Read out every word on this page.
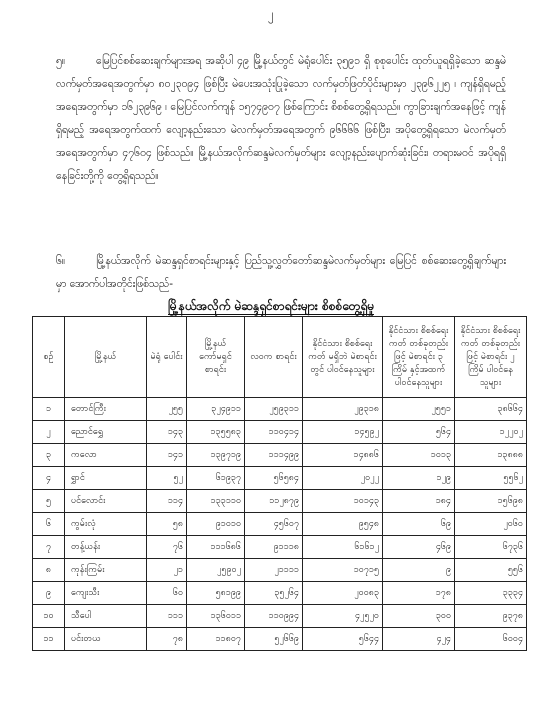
၂
၅။	မြေပြင်စစ်ဆေးချက်များအရ အဆိုပါ ၄၉ မြို့နယ်တွင် မဲရုံပေါင်း ၃၅၉၁ ရှိ စုစုပေါင်း ထုတ်ယူရရှိခဲ့သော ဆန္ဒမဲလက်မှတ်အရေအတွက်မှာ ၈၀၂၃၀၉၄ ဖြစ်ပြီး မဲပေးအသုံးပြုခဲ့သော လက်မှတ်ဖြတ်ပိုင်းများမှာ ၂၃၉၆၂၂၅ ၊ ကျန်ရှိရမည့်အရေအတွက်မှာ ၁၆၂၃၉၆၉ ၊ မြေပြင်လက်ကျန် ၁၅၇၄၉၀၇ ဖြစ်ကြောင်း စိစစ်တွေ့ရှိရသည်။ ကွာခြားချက်အနေဖြင့် ကျန်ရှိရမည့် အရေအတွက်ထက် လျော့နည်းသော မဲလက်မှတ်အရေအတွက် ၉၆၆၆၆ ဖြစ်ပြီး၊ အပိုတွေ့ရှိရသော မဲလက်မှတ်အရေအတွက်မှာ ၄၇၆၀၄ ဖြစ်သည်။ မြို့နယ်အလိုက်ဆန္ဒမဲလက်မှတ်များ လျော့နည်းပျောက်ဆုံးခြင်း၊ တရားမဝင် အပိုရရှိနေခြင်းတို့ကို တွေ့ရှိရသည်။
၆။	မြို့နယ်အလိုက် မဲဆန္ဒရှင်စာရင်းများနှင့် ပြည်သူ့လွှတ်တော်ဆန္ဒမဲလက်မှတ်များ မြေပြင် စစ်ဆေးတွေ့ရှိချက်များမှာ အောက်ပါအတိုင်းဖြစ်သည်-
မြို့နယ်အလိုက် မဲဆန္ဒရှင်စာရင်းများ စိစစ်တွေ့ရှိမှု
စဉ်	မြို့နယ်	မဲရုံ ပေါင်း	မြို့နယ် ကော်မရှင် စာရင်း	လဝက စာရင်း	နိုင်ငံသား စိစစ်ရေးကတ် မရှိဘဲ မဲစာရင်းတွင် ပါဝင်နေသူများ	နိုင်ငံသား စိစစ်ရေးကတ် တစ်ခုတည်းဖြင့် မဲစာရင်း ၃ ကြိမ် နှင့်အထက် ပါဝင်နေသူများ	နိုင်ငံသား စိစစ်ရေးကတ် တစ်ခုတည်းဖြင့် မဲစာရင်း ၂ ကြိမ် ပါဝင်နေသူများ
၁	တောင်ကြီး	၂၅၅	၃၂၄၉၁၁	၂၅၉၃၁၁	၂၉၃၁၈	၂၅၅၁	၃၈၆၆၄
၂	ညောင်ရွှေ	၁၄၃	၁၃၅၅၈၃	၁၁၀၄၁၄	၁၄၅၉၂	၅၆၄	၁၂၂၀၂
၃	ကလော	၁၄၁	၁၃၉၇၁၉	၁၁၁၄၉၉	၁၄၈၈၆	၁၀၁၃	၁၃၈၈၈
၄	ရွှာင်	၅၂	၆၁၉၃၇	၅၆၅၈၄	၂၀၂၂	၁၂၉	၅၅၆၂
၅	ပင်လောင်း	၁၁၄	၁၃၃၁၁၀	၁၁၂၈၇၉	၁၀၁၄၃	၁၈၄	၁၅၆၉၈
၆	ကွမ်းလုံ	၅၈	၉၁၀၁၀	၄၅၆၀၇	၉၅၄၈	၆၉	၂၀၆၀
၇	တန့်ယန်း	၇၆	၁၁၁၆၈၆	၉၁၁၁၈	၆၁၆၁၂	၄၆၉	၆၇၃၆
၈	ကုန်းကြမ်း	၂၁	၂၅၉၀၂	၂၁၁၁၁	၁၀၇၁၅	၉	၅၅၆
၉	ကျေးသီး	၆၀	၅၈၁၉၉	၃၅၂၆၄	၂၀၀၈၃	၁၇၈	၃၃၃၄
၁၀	သီပေါ	၁၁၁	၁၃၆၀၁၁	၁၁၀၉၉၄	၄၂၅၂၀	၃၀၀	၉၃၇၈
၁၁	ပင်းတယ	၇၈	၁၁၈၀၇	၅၂၆၆၉	၅၆၄၄	၄၂၄	၆၀၀၄
